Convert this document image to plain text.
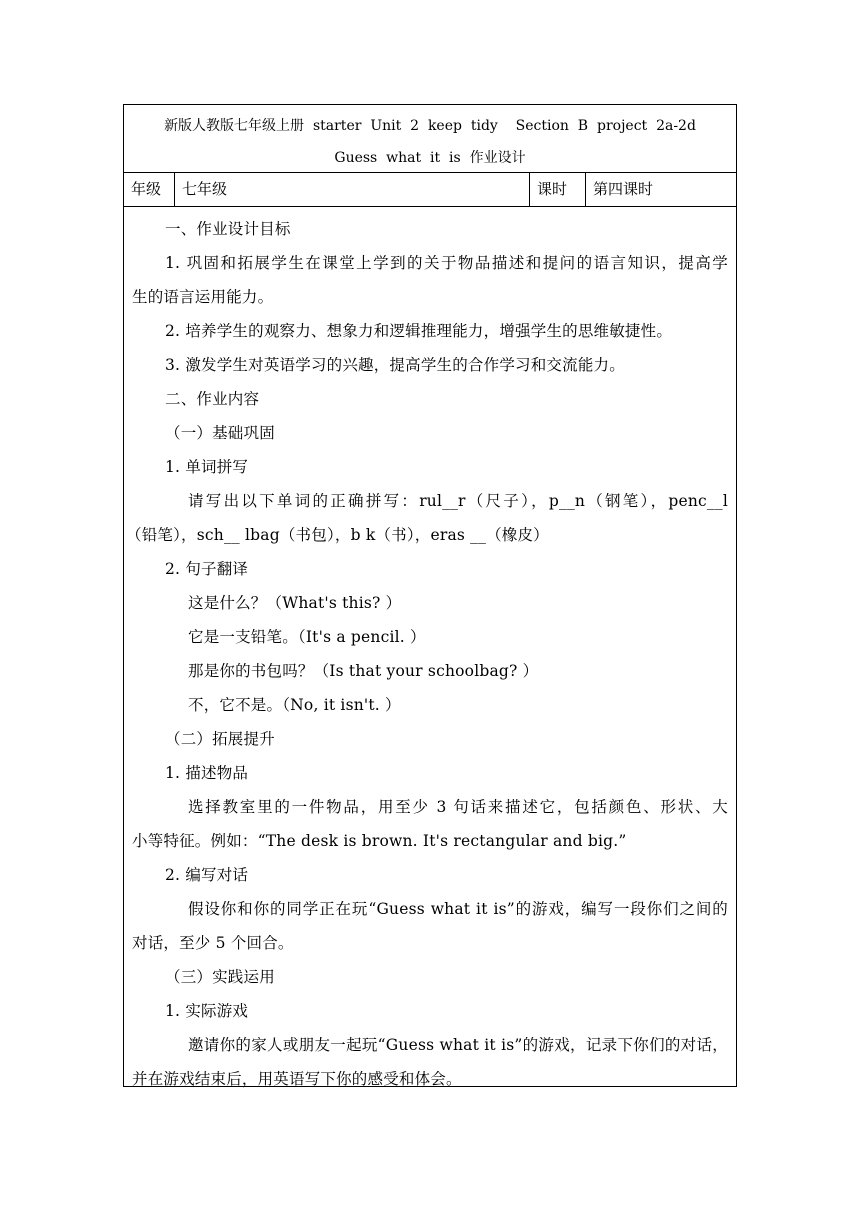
新版人教版七年级上册  starter  Unit  2  keep  tidy    Section  B  project  2a-2d
Guess  what  it  is  作业设计
年级	七年级	课时	第四课时
一、作业设计目标
1. 巩固和拓展学生在课堂上学到的关于物品描述和提问的语言知识，提高学
生的语言运用能力。
2. 培养学生的观察力、想象力和逻辑推理能力，增强学生的思维敏捷性。
3. 激发学生对英语学习的兴趣，提高学生的合作学习和交流能力。
二、作业内容
（一）基础巩固
1. 单词拼写
请写出以下单词的正确拼写：rul__r（尺子），p__n（钢笔），penc__l
（铅笔），sch__ lbag（书包），b k（书），eras __（橡皮）
2. 句子翻译
这是什么？（What's this? ）
它是一支铅笔。（It's a pencil. ）
那是你的书包吗？（Is that your schoolbag? ）
不，它不是。（No, it isn't. ）
（二）拓展提升
1. 描述物品
选择教室里的一件物品，用至少 3 句话来描述它，包括颜色、形状、大
小等特征。例如：“The desk is brown. It's rectangular and big.”
2. 编写对话
假设你和你的同学正在玩“Guess what it is”的游戏，编写一段你们之间的
对话，至少 5 个回合。
（三）实践运用
1. 实际游戏
邀请你的家人或朋友一起玩“Guess what it is”的游戏，记录下你们的对话，
并在游戏结束后，用英语写下你的感受和体会。
